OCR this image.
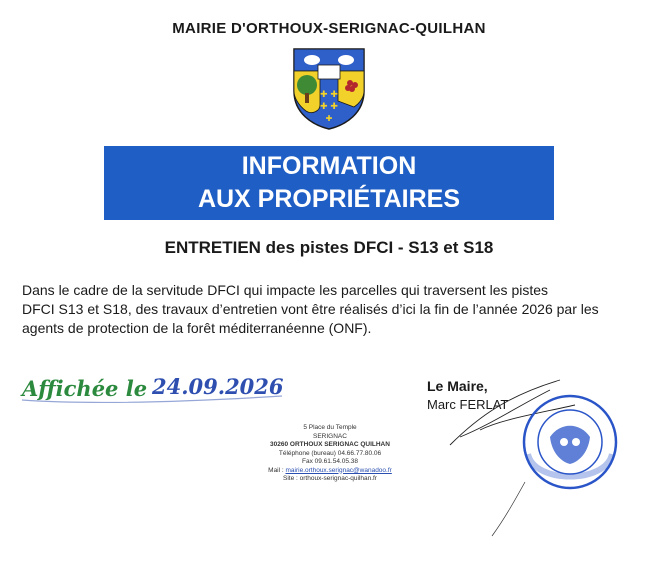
MAIRIE D'ORTHOUX-SERIGNAC-QUILHAN
✚ ✚
✚ ✚
✚
INFORMATION
AUX PROPRIÉTAIRES
ENTRETIEN des pistes DFCI - S13 et S18
Dans le cadre de la servitude DFCI qui impacte les parcelles qui traversent les pistes
DFCI S13 et S18, des travaux d’entretien vont être réalisés d’ici la fin de l’année 2026 par les
agents de protection de la forêt méditerranéenne (ONF).
Affichée le 24.09.2026	Le Maire,
Marc FERLAT
5 Place du Temple
SERIGNAC
30260 ORTHOUX SERIGNAC QUILHAN
Téléphone (bureau) 04.66.77.80.06
Fax 09.61.54.05.38
Mail : mairie.orthoux.serignac@wanadoo.fr
Site : orthoux-serignac-quilhan.fr
